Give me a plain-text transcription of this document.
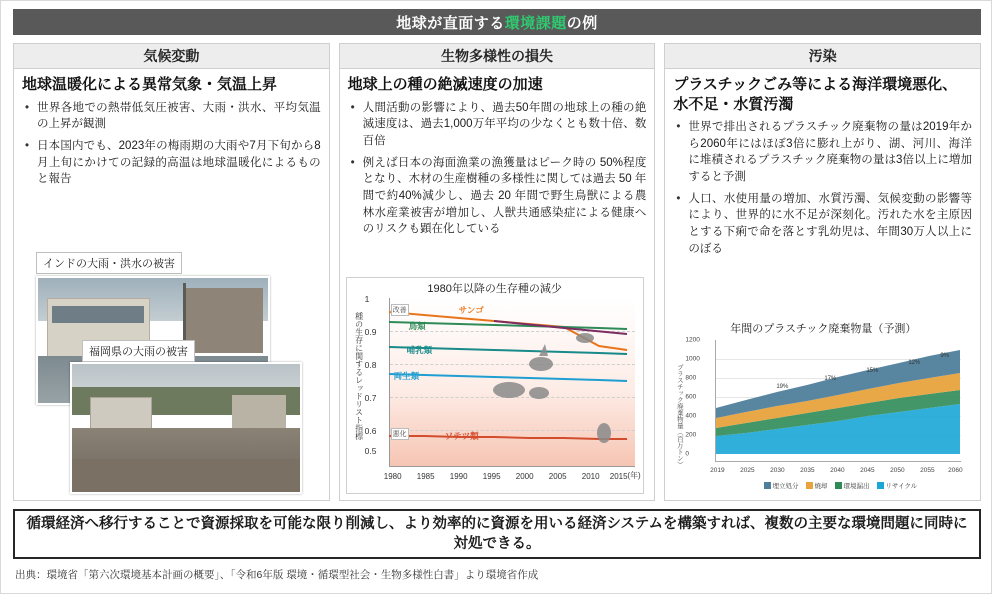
地球が直面する 環境課題 の例
気候変動
地球温暖化による異常気象・気温上昇
• 世界各地での熱帯低気圧被害、大雨・洪水、平均気温の上昇が観測
• 日本国内でも、2023年の梅雨期の大雨や7月下旬から8月上旬にかけての記録的高温は地球温暖化によるものと報告
インドの大雨・洪水の被害
福岡県の大雨の被害
生物多様性の損失
地球上の種の絶滅速度の加速
• 人間活動の影響により、過去50年間の地球上の種の絶滅速度は、過去1,000万年平均の少なくとも数十倍、数百倍
• 例えば日本の海面漁業の漁獲量はピーク時の 50%程度となり、木材の生産樹種の多様性に関しては過去 50 年間で約40%減少し、過去 20 年間で野生鳥獣による農林水産業被害が増加し、人獣共通感染症による健康へのリスクも顕在化している
1980年以降の生存種の減少
種の生存に関するレッドリスト指標
1
0.9
0.8
0.7
0.6
0.5
サンゴ
鳥類
哺乳類
両生類
ソテツ類
改善
悪化
1980 1985 1990 1995 2000 2005 2010 2015 (年)
汚染
プラスチックごみ等による海洋環境悪化、水不足・水質汚濁
• 世界で排出されるプラスチック廃棄物の量は2019年から2060年にはほぼ3倍に膨れ上がり、湖、河川、海洋に堆積されるプラスチック廃棄物の量は3倍以上に増加すると予測
• 人口、水使用量の増加、水質汚濁、気候変動の影響等により、世界的に水不足が深刻化。汚れた水を主原因とする下痢で命を落とす乳幼児は、年間30万人以上にのぼる
年間のプラスチック廃棄物量（予測）
プラスチック廃棄物量（百万トン）
1200
1000
800
600
400
200
0
19%
17%
15%
12%
9%
2019 2025 2030 2035 2040 2045 2050 2055 2060
埋立処分	焼却	環境漏出	リサイクル
循環経済へ移行することで資源採取を可能な限り削減し、より効率的に資源を用いる経済システムを構築すれば、複数の主要な環境問題に同時に対処できる。
出典：環境省「第六次環境基本計画の概要」、「令和6年版 環境・循環型社会・生物多様性白書」より環境省作成
